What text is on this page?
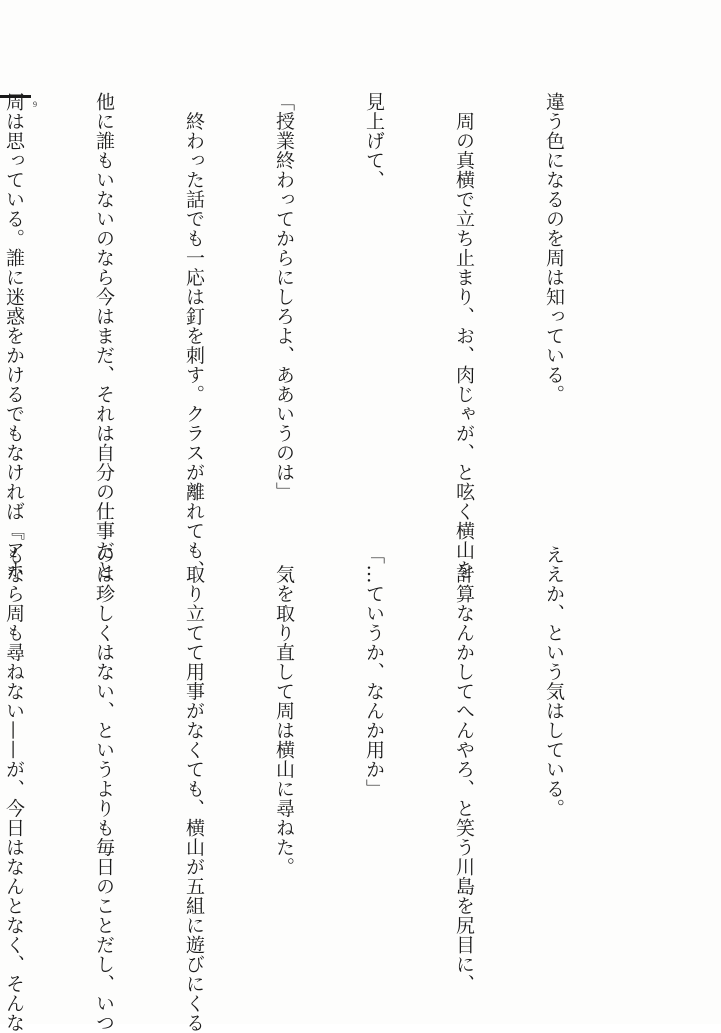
9

	違う色になるのを周は知っている。

　周の真横で立ち止まり、お、肉じゃが、と呟く横山を

見上げて、

「授業終わってからにしろよ、ああいうのは」

　終わった話でも一応は釘を刺す。クラスが離れても、

他に誰もいないのなら今はまだ、それは自分の仕事だと

周は思っている。誰に迷惑をかけるでもなければ『アホ

ええか、という気はしている。

　計算なんかしてへんやろ、と笑う川島を尻目に、

「…ていうか、なんか用か」

　気を取り直して周は横山に尋ねた。

　取り立てて用事がなくても、横山が五組に遊びにくる

のは珍しくはない、というよりも毎日のことだし、いつ

もなら周も尋ねない——が、今日はなんとなく、そんな
